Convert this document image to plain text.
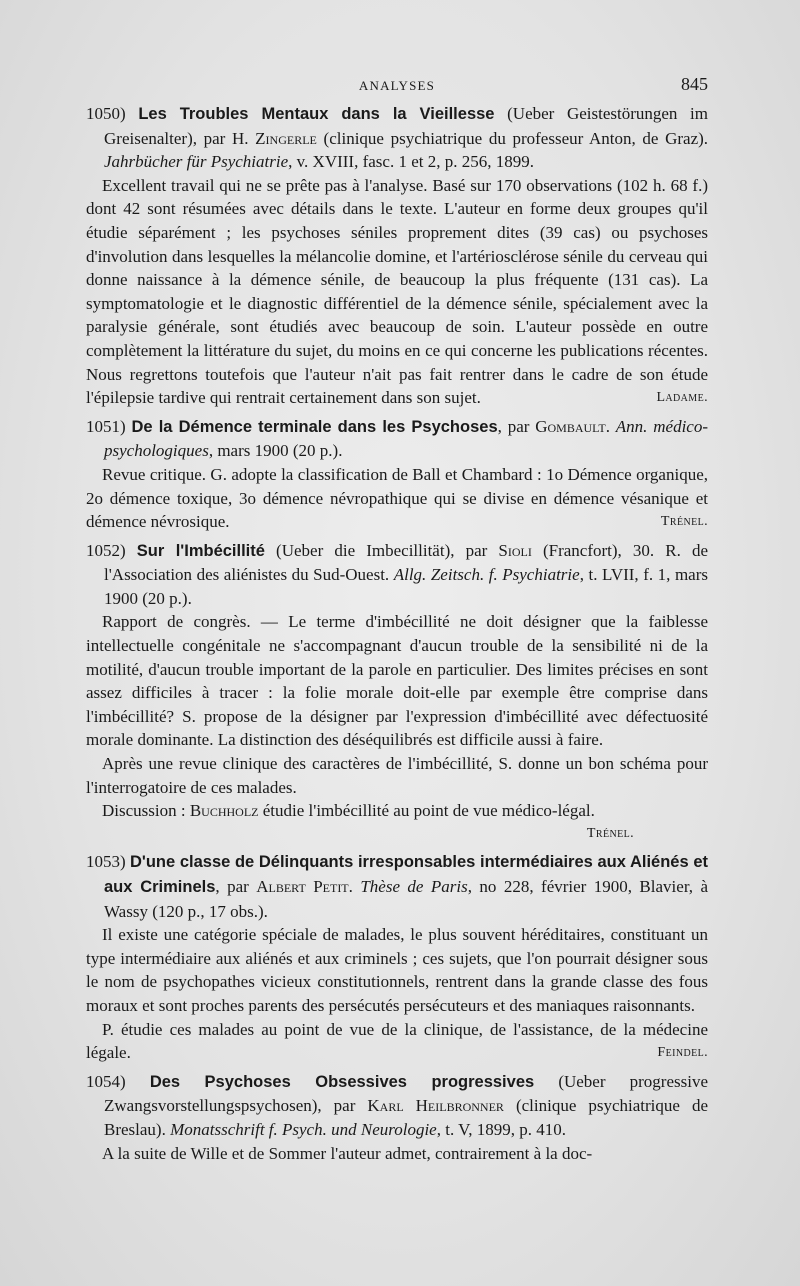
ANALYSES	845

1050) Les Troubles Mentaux dans la Vieillesse (Ueber Geistestörungen im Greisenalter), par H. Zingerle (clinique psychiatrique du professeur Anton, de Graz). Jahrbücher für Psychiatrie, v. XVIII, fasc. 1 et 2, p. 256, 1899.

Excellent travail qui ne se prête pas à l'analyse. Basé sur 170 observations (102 h. 68 f.) dont 42 sont résumées avec détails dans le texte. L'auteur en forme deux groupes qu'il étudie séparément ; les psychoses séniles proprement dites (39 cas) ou psychoses d'involution dans lesquelles la mélancolie domine, et l'artériosclérose sénile du cerveau qui donne naissance à la démence sénile, de beaucoup la plus fréquente (131 cas). La symptomatologie et le diagnostic différentiel de la démence sénile, spécialement avec la paralysie générale, sont étudiés avec beaucoup de soin. L'auteur possède en outre complètement la littérature du sujet, du moins en ce qui concerne les publications récentes. Nous regrettons toutefois que l'auteur n'ait pas fait rentrer dans le cadre de son étude l'épilepsie tardive qui rentrait certainement dans son sujet.	Ladame.

1051) De la Démence terminale dans les Psychoses, par Gombault. Ann. médico-psychologiques, mars 1900 (20 p.).

Revue critique. G. adopte la classification de Ball et Chambard : 1o Démence organique, 2o démence toxique, 3o démence névropathique qui se divise en démence vésanique et démence névrosique.	Trénel.

1052) Sur l'Imbécillité (Ueber die Imbecillität), par Sioli (Francfort), 30. R. de l'Association des aliénistes du Sud-Ouest. Allg. Zeitsch. f. Psychiatrie, t. LVII, f. 1, mars 1900 (20 p.).

Rapport de congrès. — Le terme d'imbécillité ne doit désigner que la faiblesse intellectuelle congénitale ne s'accompagnant d'aucun trouble de la sensibilité ni de la motilité, d'aucun trouble important de la parole en particulier. Des limites précises en sont assez difficiles à tracer : la folie morale doit-elle par exemple être comprise dans l'imbécillité? S. propose de la désigner par l'expression d'imbécillité avec défectuosité morale dominante. La distinction des déséquilibrés est difficile aussi à faire.

Après une revue clinique des caractères de l'imbécillité, S. donne un bon schéma pour l'interrogatoire de ces malades.

Discussion : Buchholz étudie l'imbécillité au point de vue médico-légal.

Trénel.

1053) D'une classe de Délinquants irresponsables intermédiaires aux Aliénés et aux Criminels, par Albert Petit. Thèse de Paris, no 228, février 1900, Blavier, à Wassy (120 p., 17 obs.).

Il existe une catégorie spéciale de malades, le plus souvent héréditaires, constituant un type intermédiaire aux aliénés et aux criminels ; ces sujets, que l'on pourrait désigner sous le nom de psychopathes vicieux constitutionnels, rentrent dans la grande classe des fous moraux et sont proches parents des persécutés persécuteurs et des maniaques raisonnants.

P. étudie ces malades au point de vue de la clinique, de l'assistance, de la médecine légale.	Feindel.

1054) Des Psychoses Obsessives progressives (Ueber progressive Zwangsvorstellungspsychosen), par Karl Heilbronner (clinique psychiatrique de Breslau). Monatsschrift f. Psych. und Neurologie, t. V, 1899, p. 410.

A la suite de Wille et de Sommer l'auteur admet, contrairement à la doc-
